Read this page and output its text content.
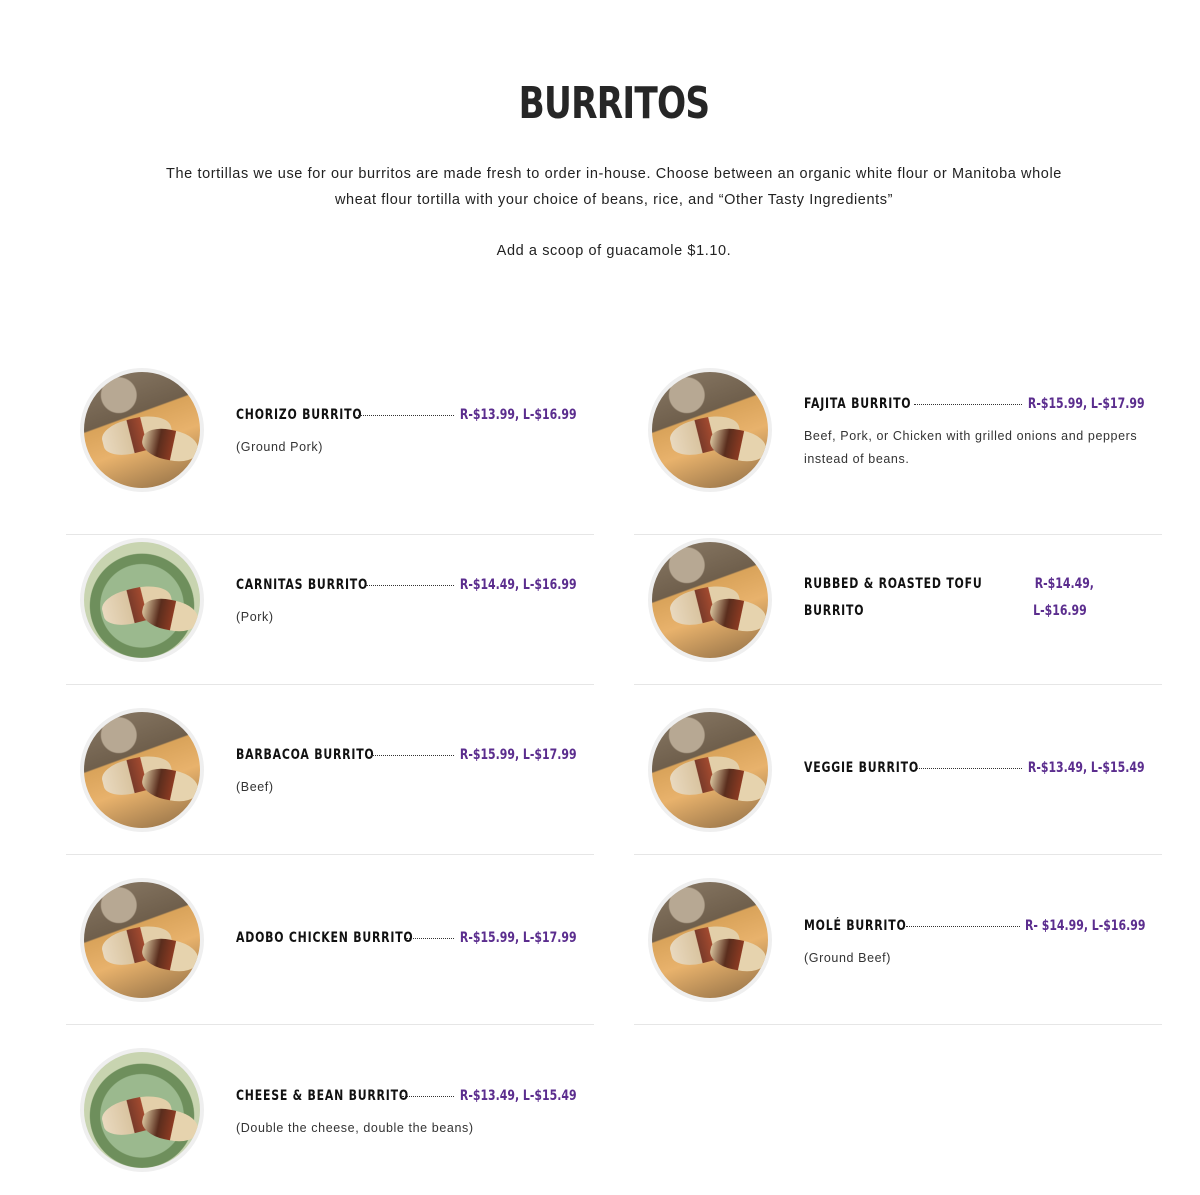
BURRITOS

The tortillas we use for our burritos are made fresh to order in-house. Choose between an organic white flour or Manitoba whole wheat flour tortilla with your choice of beans, rice, and “Other Tasty Ingredients”

Add a scoop of guacamole $1.10.

CHORIZO BURRITO	R-$13.99, L-$16.99
(Ground Pork)
CARNITAS BURRITO	R-$14.49, L-$16.99
(Pork)
BARBACOA BURRITO	R-$15.99, L-$17.99
(Beef)
ADOBO CHICKEN BURRITO	R-$15.99, L-$17.99
CHEESE & BEAN BURRITO	R-$13.49, L-$15.49
(Double the cheese, double the beans)
FAJITA BURRITO	R-$15.99, L-$17.99
Beef, Pork, or Chicken with grilled onions and peppers instead of beans.
RUBBED & ROASTED TOFU
BURRITO
R-$14.49,
L-$16.99
VEGGIE BURRITO	R-$13.49, L-$15.49
MOLÉ BURRITO	R- $14.99, L-$16.99
(Ground Beef)
